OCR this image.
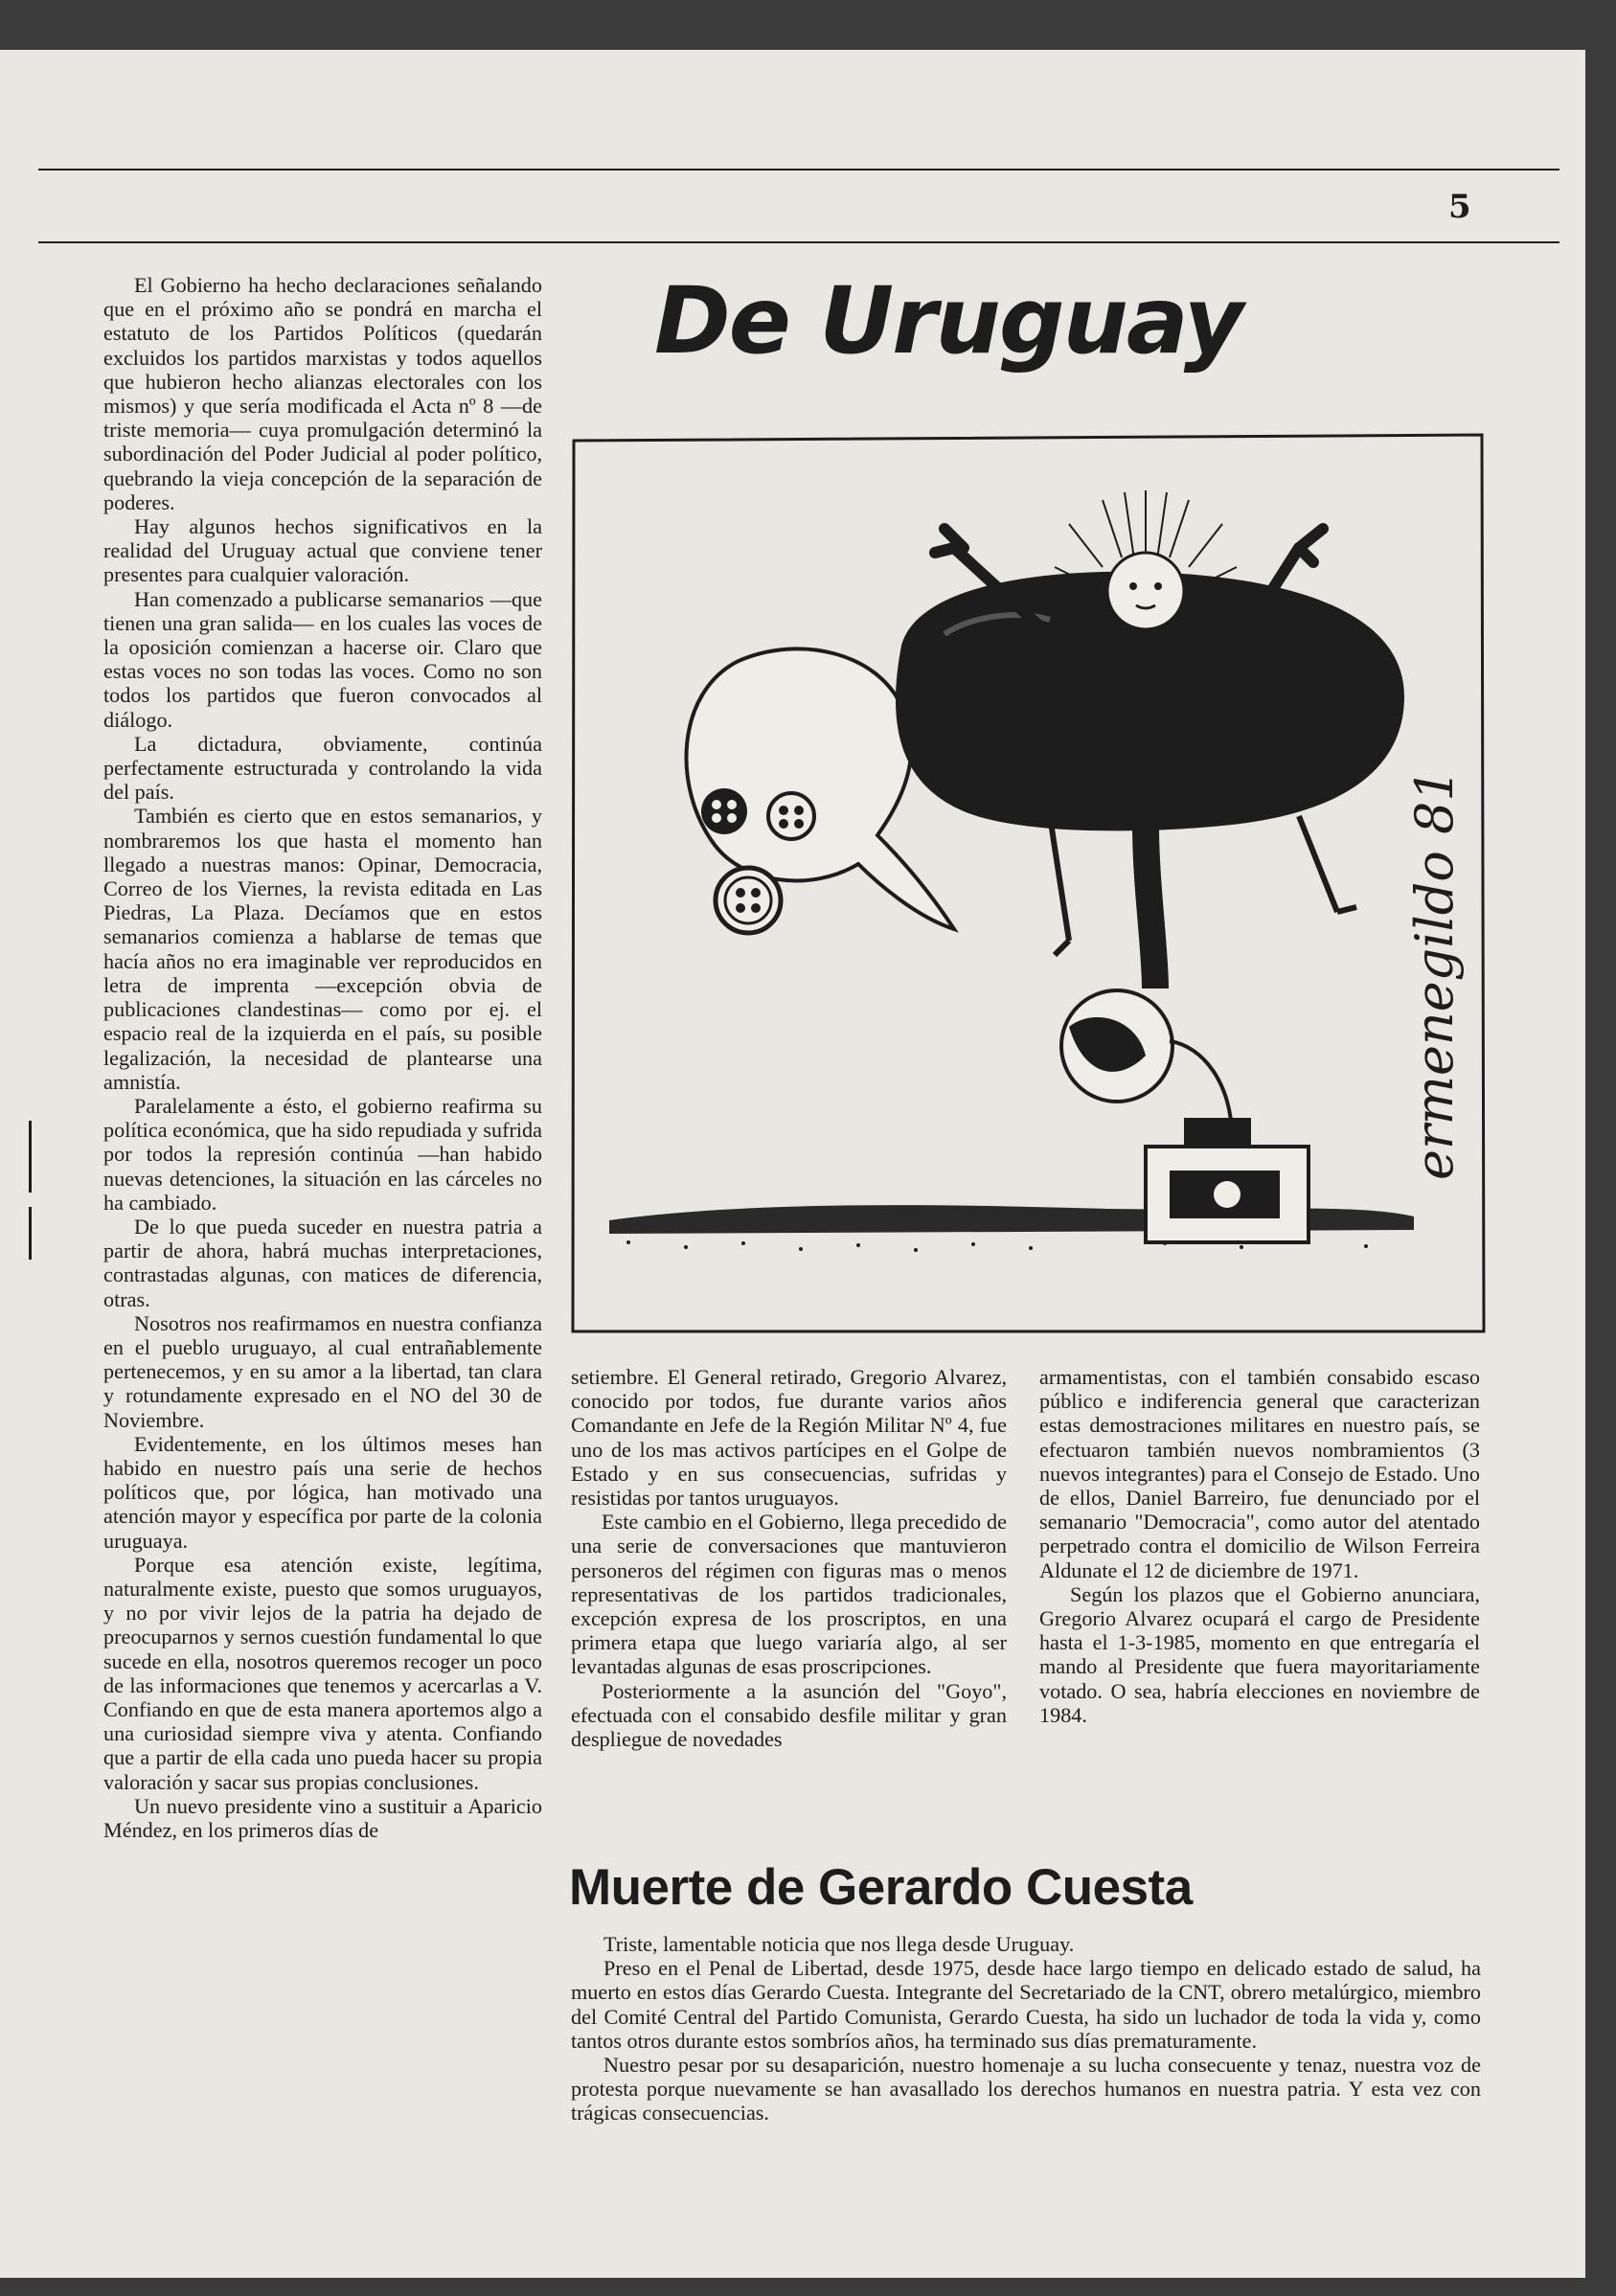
5
De Uruguay

El Gobierno ha hecho declaraciones señalando que en el próximo año se pondrá en marcha el estatuto de los Partidos Políticos (quedarán excluidos los partidos marxistas y todos aquellos que hubieron hecho alianzas electorales con los mismos) y que sería modificada el Acta nº 8 —de triste memoria— cuya promulgación determinó la subordinación del Poder Judicial al poder político, quebrando la vieja concepción de la separación de poderes.

Hay algunos hechos significativos en la realidad del Uruguay actual que conviene tener presentes para cualquier valoración.

Han comenzado a publicarse semanarios —que tienen una gran salida— en los cuales las voces de la oposición comienzan a hacerse oir. Claro que estas voces no son todas las voces. Como no son todos los partidos que fueron convocados al diálogo.

La dictadura, obviamente, continúa perfectamente estructurada y controlando la vida del país.

También es cierto que en estos semanarios, y nombraremos los que hasta el momento han llegado a nuestras manos: Opinar, Democracia, Correo de los Viernes, la revista editada en Las Piedras, La Plaza. Decíamos que en estos semanarios comienza a hablarse de temas que hacía años no era imaginable ver reproducidos en letra de imprenta —excepción obvia de publicaciones clandestinas— como por ej. el espacio real de la izquierda en el país, su posible legalización, la necesidad de plantearse una amnistía.

Paralelamente a ésto, el gobierno reafirma su política económica, que ha sido repudiada y sufrida por todos la represión continúa —han habido nuevas detenciones, la situación en las cárceles no ha cambiado.

De lo que pueda suceder en nuestra patria a partir de ahora, habrá muchas interpretaciones, contrastadas algunas, con matices de diferencia, otras.

Nosotros nos reafirmamos en nuestra confianza en el pueblo uruguayo, al cual entrañablemente pertenecemos, y en su amor a la libertad, tan clara y rotundamente expresado en el NO del 30 de Noviembre.

Evidentemente, en los últimos meses han habido en nuestro país una serie de hechos políticos que, por lógica, han motivado una atención mayor y específica por parte de la colonia uruguaya.

Porque esa atención existe, legítima, naturalmente existe, puesto que somos uruguayos, y no por vivir lejos de la patria ha dejado de preocuparnos y sernos cuestión fundamental lo que sucede en ella, nosotros queremos recoger un poco de las informaciones que tenemos y acercarlas a V. Confiando en que de esta manera aportemos algo a una curiosidad siempre viva y atenta. Confiando que a partir de ella cada uno pueda hacer su propia valoración y sacar sus propias conclusiones.

Un nuevo presidente vino a sustituir a Aparicio Méndez, en los primeros días de

ermenegildo 81

setiembre. El General retirado, Gregorio Alvarez, conocido por todos, fue durante varios años Comandante en Jefe de la Región Militar Nº 4, fue uno de los mas activos partícipes en el Golpe de Estado y en sus consecuencias, sufridas y resistidas por tantos uruguayos.

Este cambio en el Gobierno, llega precedido de una serie de conversaciones que mantuvieron personeros del régimen con figuras mas o menos representativas de los partidos tradicionales, excepción expresa de los proscriptos, en una primera etapa que luego variaría algo, al ser levantadas algunas de esas proscripciones.

Posteriormente a la asunción del "Goyo", efectuada con el consabido desfile militar y gran despliegue de novedades

armamentistas, con el también consabido escaso público e indiferencia general que caracterizan estas demostraciones militares en nuestro país, se efectuaron también nuevos nombramientos (3 nuevos integrantes) para el Consejo de Estado. Uno de ellos, Daniel Barreiro, fue denunciado por el semanario "Democracia", como autor del atentado perpetrado contra el domicilio de Wilson Ferreira Aldunate el 12 de diciembre de 1971.

Según los plazos que el Gobierno anunciara, Gregorio Alvarez ocupará el cargo de Presidente hasta el 1-3-1985, momento en que entregaría el mando al Presidente que fuera mayoritariamente votado. O sea, habría elecciones en noviembre de 1984.

Muerte de Gerardo Cuesta

Triste, lamentable noticia que nos llega desde Uruguay.

Preso en el Penal de Libertad, desde 1975, desde hace largo tiempo en delicado estado de salud, ha muerto en estos días Gerardo Cuesta. Integrante del Secretariado de la CNT, obrero metalúrgico, miembro del Comité Central del Partido Comunista, Gerardo Cuesta, ha sido un luchador de toda la vida y, como tantos otros durante estos sombríos años, ha terminado sus días prematuramente.

Nuestro pesar por su desaparición, nuestro homenaje a su lucha consecuente y tenaz, nuestra voz de protesta porque nuevamente se han avasallado los derechos humanos en nuestra patria. Y esta vez con trágicas consecuencias.
